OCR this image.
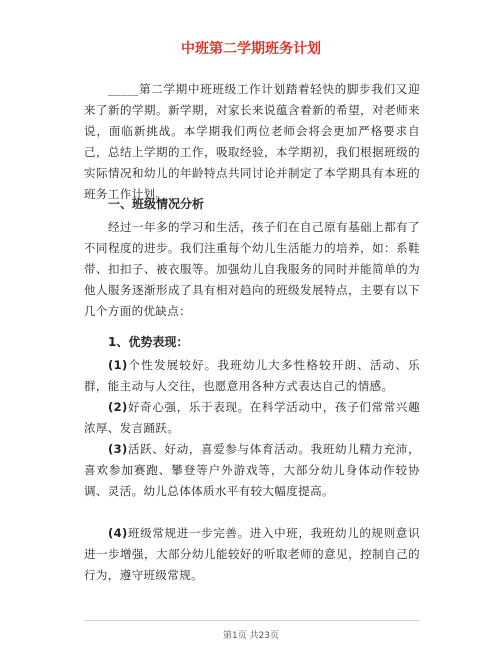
中班第二学期班务计划

_____第二学期中班班级工作计划踏着轻快的脚步我们又迎来了新的学期。新学期，对家长来说蕴含着新的希望，对老师来说，面临新挑战。本学期我们两位老师会将会更加严格要求自己，总结上学期的工作，吸取经验，本学期初，我们根据班级的实际情况和幼儿的年龄特点共同讨论并制定了本学期具有本班的班务工作计划。

一、班级情况分析

经过一年多的学习和生活，孩子们在自己原有基础上都有了不同程度的进步。我们注重每个幼儿生活能力的培养，如：系鞋带、扣扣子、被衣服等。加强幼儿自我服务的同时并能简单的为他人服务逐渐形成了具有相对趋向的班级发展特点，主要有以下几个方面的优缺点：

1、优势表现：

(1)个性发展较好。我班幼儿大多性格较开朗、活动、乐群，能主动与人交往，也愿意用各种方式表达自己的情感。

(2)好奇心强，乐于表现。在科学活动中，孩子们常常兴趣浓厚、发言踊跃。

(3)活跃、好动，喜爱参与体育活动。我班幼儿精力充沛，喜欢参加赛跑、攀登等户外游戏等，大部分幼儿身体动作较协调、灵活。幼儿总体体质水平有较大幅度提高。

(4)班级常规进一步完善。进入中班，我班幼儿的规则意识进一步增强，大部分幼儿能较好的听取老师的意见，控制自己的行为，遵守班级常规。

第1页 共23页
